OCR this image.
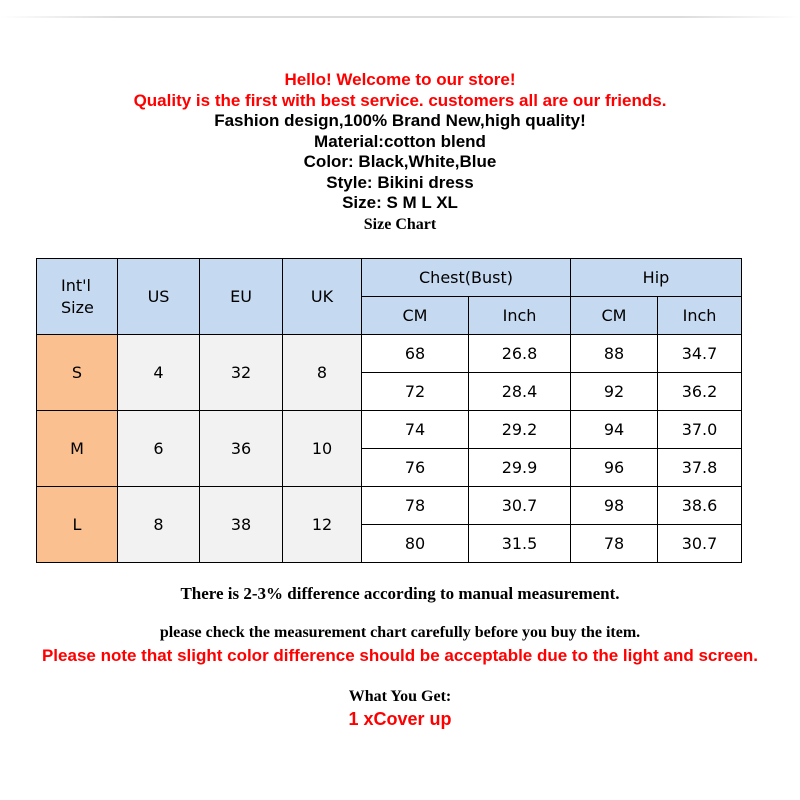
Hello! Welcome to our store!
Quality is the first with best service. customers all are our friends.
Fashion design,100% Brand New,high quality!
Material:cotton blend
Color: Black,White,Blue
Style: Bikini dress
Size: S M L XL
Size Chart
Int'l
Size	US	EU	UK	Chest(Bust)		Hip	
				CM	Inch	CM	Inch
S	4	32	8	68	26.8	88	34.7
				72	28.4	92	36.2
M	6	36	10	74	29.2	94	37.0
				76	29.9	96	37.8
L	8	38	12	78	30.7	98	38.6
				80	31.5	78	30.7
There is 2-3% difference according to manual measurement.
please check the measurement chart carefully before you buy the item.
Please note that slight color difference should be acceptable due to the light and screen.
What You Get:
1 xCover up
